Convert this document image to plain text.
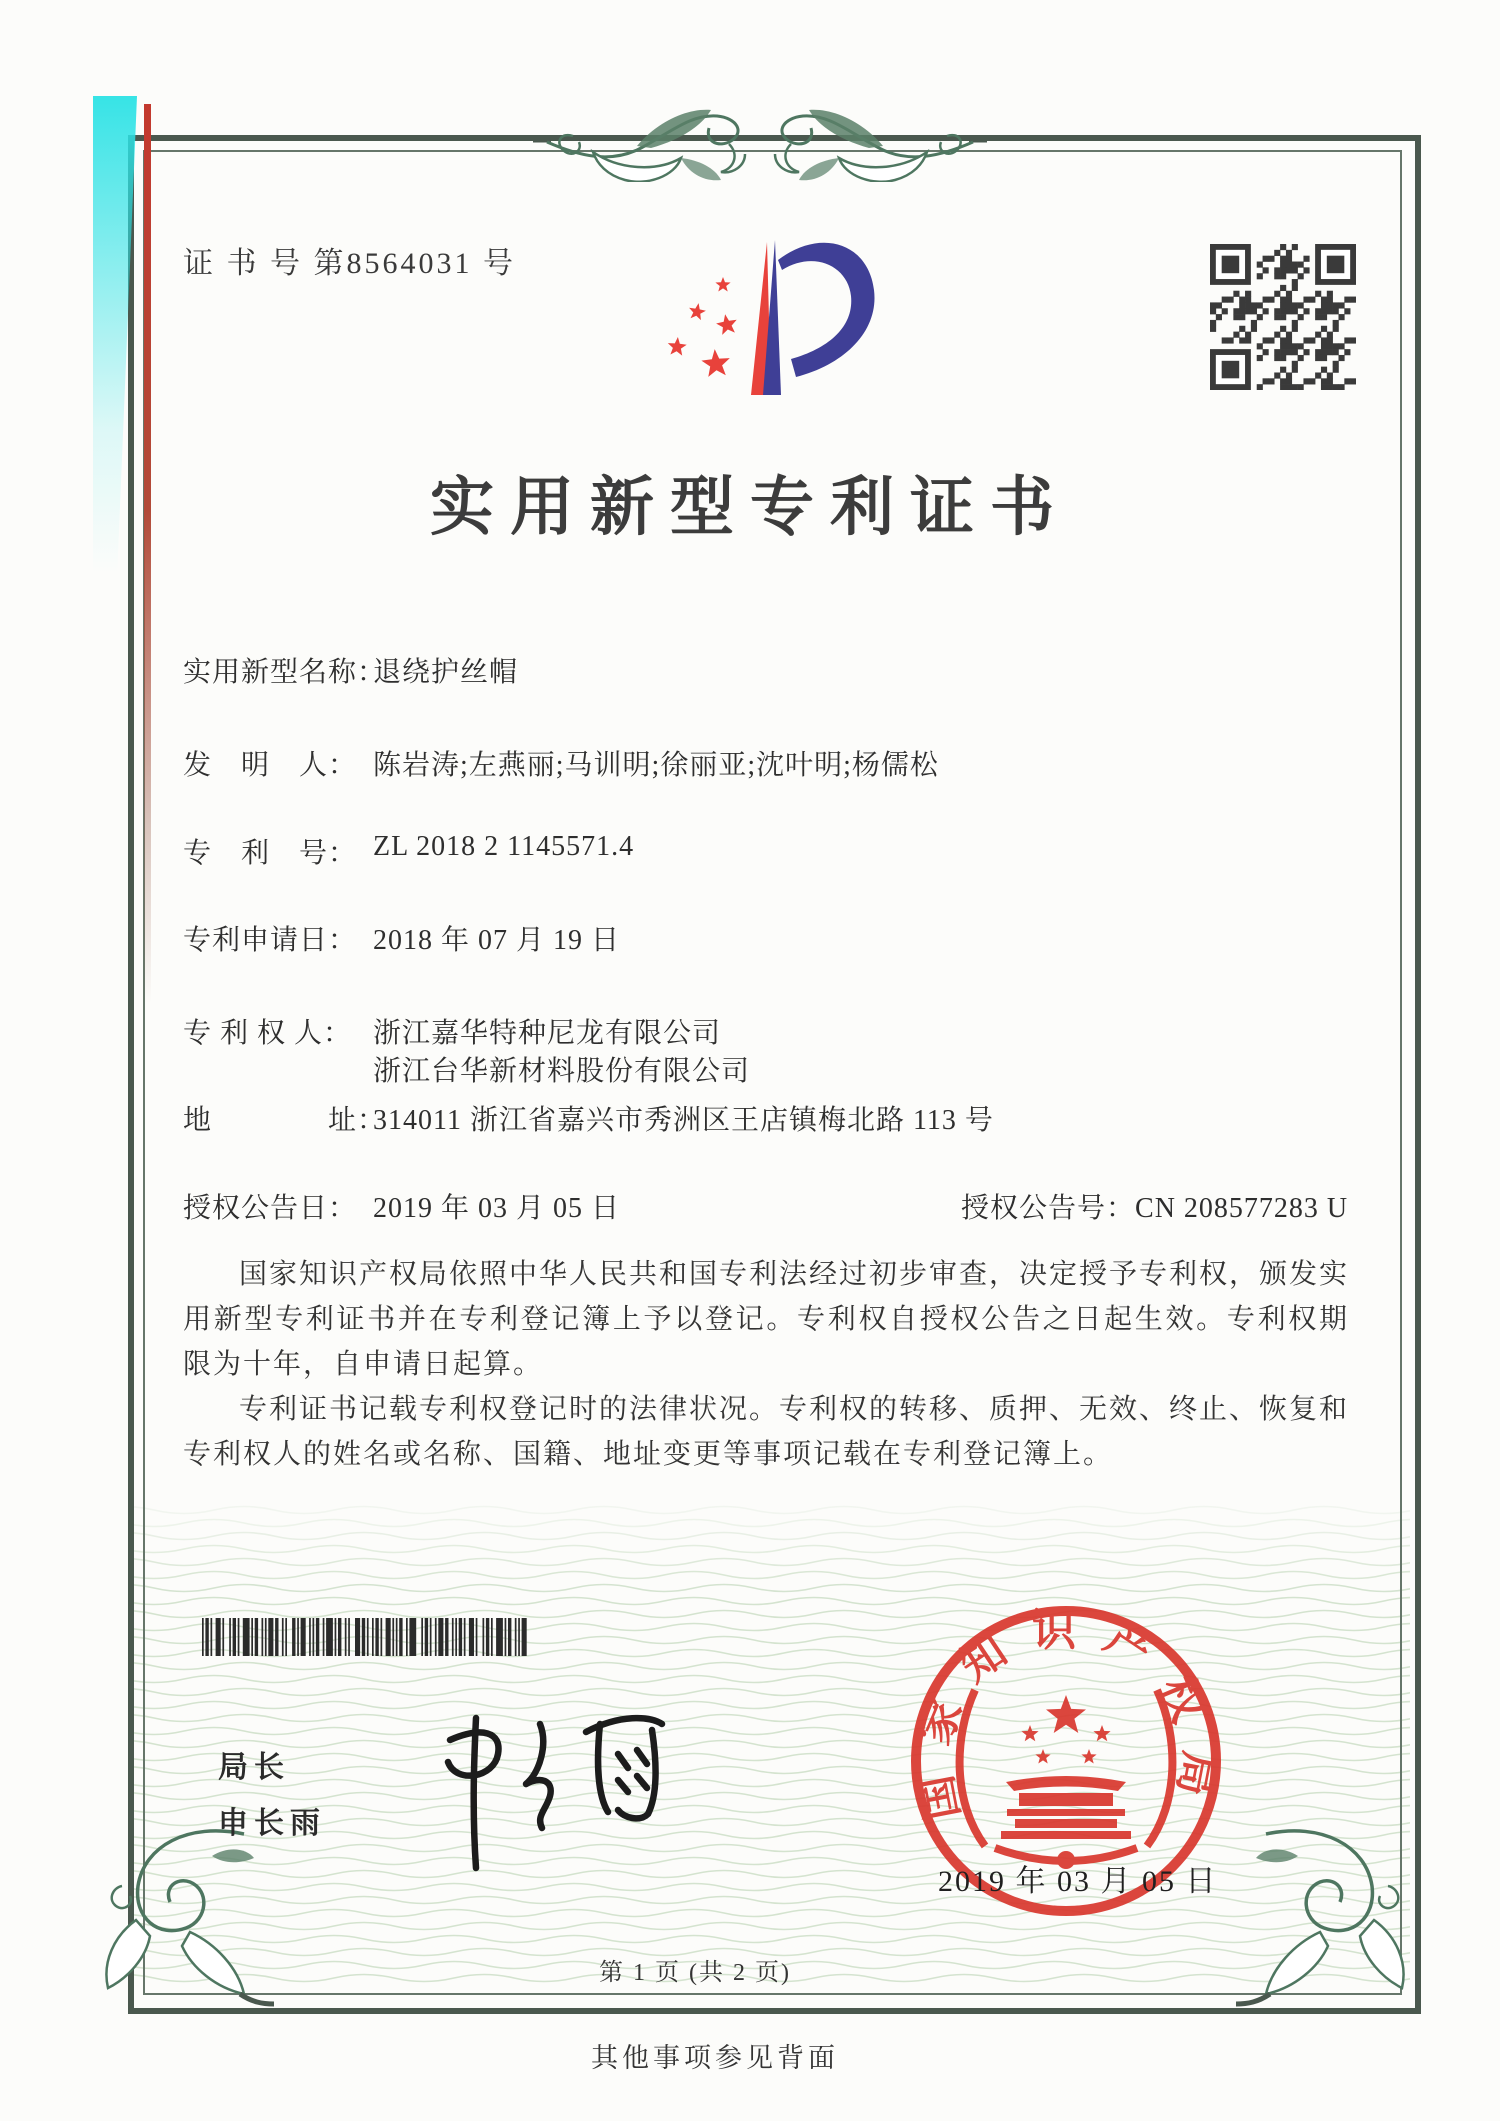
证 书 号 第8564031 号
实用新型专利证书
实用新型名称：退绕护丝帽
发　明　人： 陈岩涛;左燕丽;马训明;徐丽亚;沈叶明;杨儒松
专　利　号： ZL 2018 2 1145571.4
专利申请日： 2018 年 07 月 19 日
专 利 权 人： 浙江嘉华特种尼龙有限公司
浙江台华新材料股份有限公司
地　　　　址：314011 浙江省嘉兴市秀洲区王店镇梅北路 113 号
授权公告日： 2019 年 03 月 05 日	授权公告号：CN 208577283 U

国家知识产权局依照中华人民共和国专利法经过初步审查，决定授予专利权，颁发实用新型专利证书并在专利登记簿上予以登记。专利权自授权公告之日起生效。专利权期限为十年，自申请日起算。

专利证书记载专利权登记时的法律状况。专利权的转移、质押、无效、终止、恢复和专利权人的姓名或名称、国籍、地址变更等事项记载在专利登记簿上。

局长
申长雨	国家知识产权局
2019 年 03 月 05 日
第 1 页 (共 2 页)
其他事项参见背面
